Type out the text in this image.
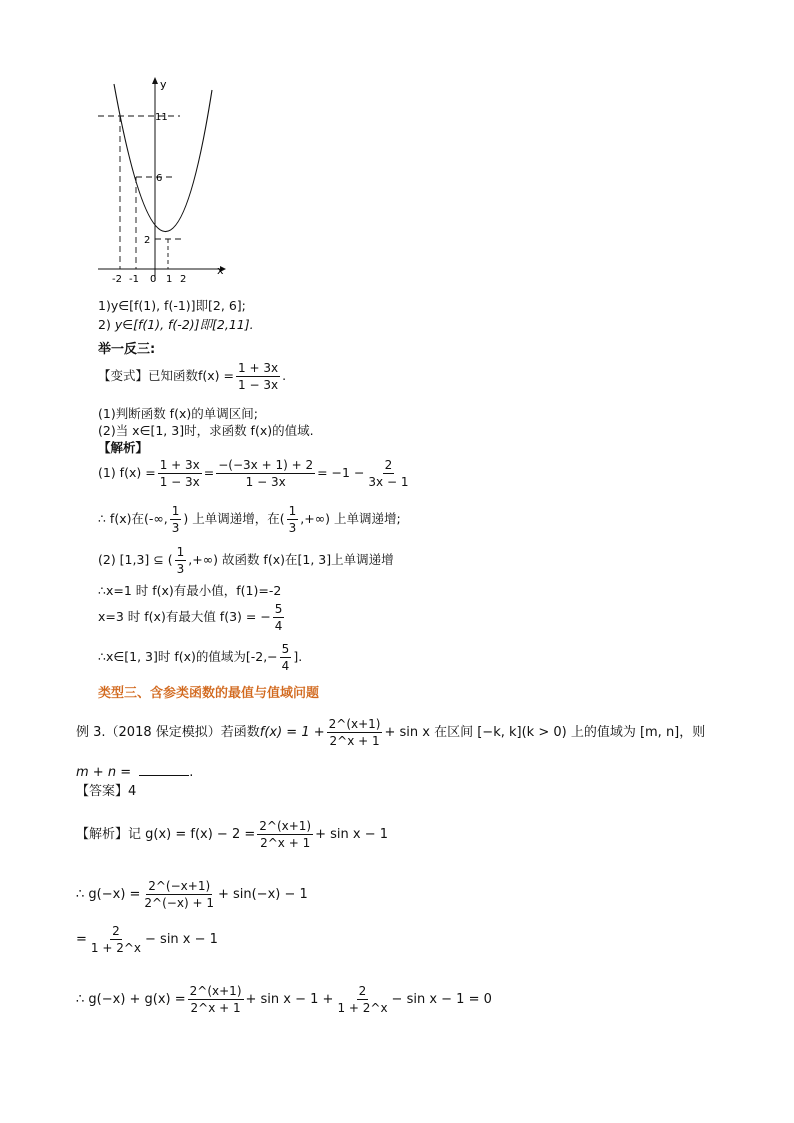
y
x
11
6
2
-2 -1 0 1 2
1)y∈[f(1), f(-1)]即[2, 6];
2) y∈[f(1), f(-2)]即[2,11].
举一反三:
【变式】已知函数$f(x) = \frac{1 + 3x}{1 - 3x}$ .
(1)判断函数 f(x)的单调区间;
(2)当 x∈[1, 3]时，求函数 f(x)的值域.
【解析】
(1) $f(x) = \frac{1 + 3x}{1 - 3x} = \frac{-(-3x + 1) + 2}{1 - 3x} = -1 - \frac{2}{3x - 1}$
∴ f(x)在(-∞, $\frac{1}{3}$ ) 上单调递增，在( $\frac{1}{3}$ ,+∞) 上单调递增;
(2) [1,3] ⊆ ( $\frac{1}{3}$ ,+∞) 故函数 f(x)在[1, 3]上单调递增
∴x=1 时 f(x)有最小值，f(1)=-2
x=3 时 f(x)有最大值 f(3) = − $\frac{5}{4}$
∴x∈[1, 3]时 f(x)的值域为[$-2,- \frac{5}{4}$ ].
类型三、含参类函数的最值与值域问题
例 3.（2018 保定模拟）若函数 $f(x) = 1 + \frac{2\^{}(x+1)}{2\^{}x + 1} + \sin x$ 在区间 [−k, k](k > 0) 上的值域为 [m, n]，则
m + n =	.
【答案】4
【解析】记 $g(x) = f(x) - 2 = \frac{2\^{}(x+1)}{2\^{}x + 1} + \sin x - 1$
∴ $g(-x) = \frac{2\^{}(-x+1)}{2\^{}(-x) + 1} + \sin(-x) - 1$
= $\frac{2}{1 + 2\^{}x} - \sin x - 1$
∴ $g(-x) + g(x) = \frac{2\^{}(x+1)}{2\^{}x + 1} + \sin x - 1 + \frac{2}{1 + 2\^{}x} - \sin x - 1 = 0$
